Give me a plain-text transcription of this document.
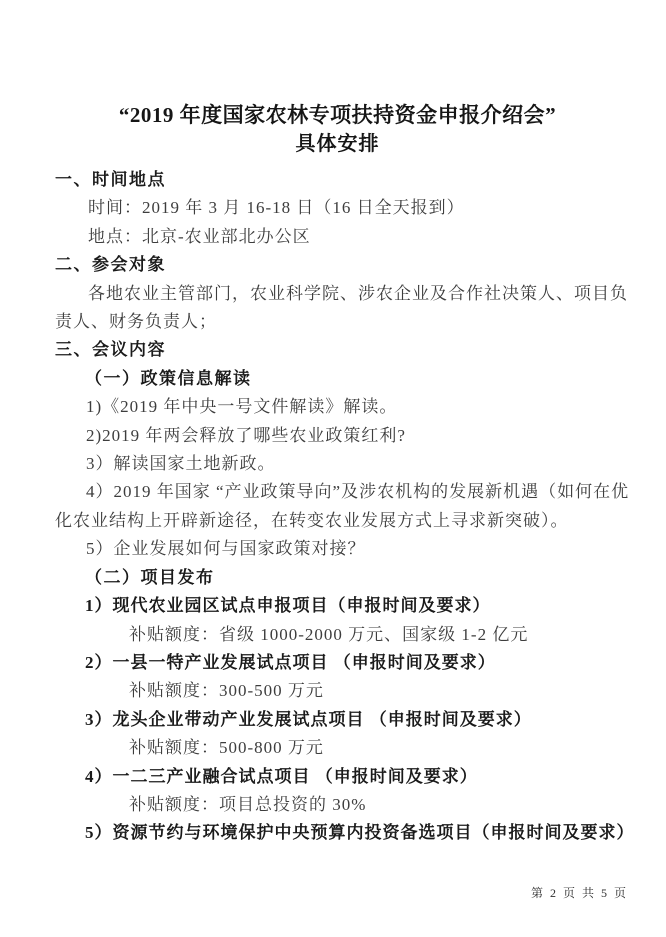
“2019 年度国家农林专项扶持资金申报介绍会”
具体安排

一、时间地点

时间：2019 年 3 月 16-18 日（16 日全天报到）

地点：北京-农业部北办公区

二、参会对象

各地农业主管部门，农业科学院、涉农企业及合作社决策人、项目负责人、财务负责人；

三、会议内容

（一）政策信息解读

1)《2019 年中央一号文件解读》解读。

2)2019 年两会释放了哪些农业政策红利?

3）解读国家土地新政。

4）2019 年国家 “产业政策导向”及涉农机构的发展新机遇（如何在优化农业结构上开辟新途径，在转变农业发展方式上寻求新突破）。

5）企业发展如何与国家政策对接？

（二）项目发布

1）现代农业园区试点申报项目（申报时间及要求）

补贴额度：省级 1000-2000 万元、国家级 1-2 亿元

2）一县一特产业发展试点项目 （申报时间及要求）

补贴额度：300-500 万元

3）龙头企业带动产业发展试点项目 （申报时间及要求）

补贴额度：500-800 万元

4）一二三产业融合试点项目 （申报时间及要求）

补贴额度：项目总投资的 30%

5）资源节约与环境保护中央预算内投资备选项目（申报时间及要求）

第 2 页 共 5 页
